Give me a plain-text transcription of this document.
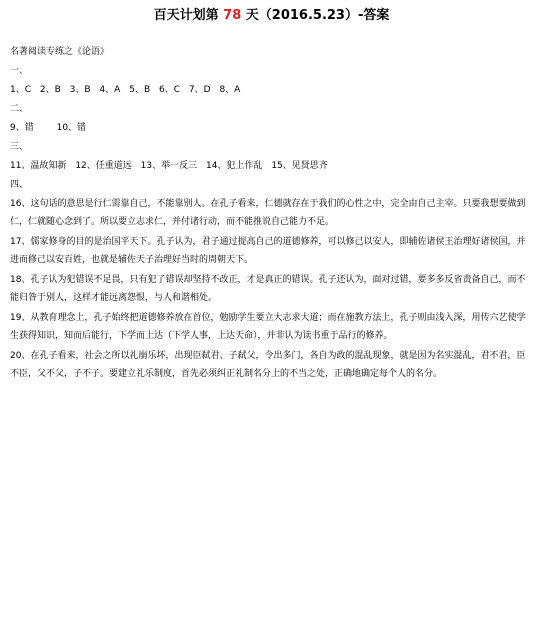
百天计划第 78 天（2016.5.23）-答案
名著阅读专练之《论语》
一、
1、C 2、B 3、B 4、A 5、B 6、C 7、D 8、A
二、
9、错	10、错
三、
11、温故知新 12、任重道远 13、举一反三 14、犯上作乱 15、见贤思齐
四、
16、这句话的意思是行仁需靠自己，不能靠别人。在孔子看来，仁德就存在于我们的心性之中，完全由自己主宰。只要我想要做到仁，仁就随心念到了。所以要立志求仁，并付诸行动，而不能推说自己能力不足。
17、儒家修身的目的是治国平天下。孔子认为，君子通过提高自己的道德修养，可以修己以安人，即辅佐诸侯王治理好诸侯国，并进而修己以安百姓，也就是辅佐天子治理好当时的周朝天下。
18、孔子认为犯错误不足畏，只有犯了错误却坚持不改正，才是真正的错误。孔子还认为，面对过错，要多多反省责备自己，而不能归咎于别人，这样才能远离怨恨，与人和谐相处。
19、从教育理念上，孔子始终把道德修养放在首位，勉励学生要立大志求大道；而在施教方法上，孔子则由浅入深，用传六艺使学生获得知识，知而后能行，下学而上达（下学人事，上达天命），并非认为读书重于品行的修养。
20、在孔子看来，社会之所以礼崩乐坏，出现臣弑君、子弑父，令出多门，各自为政的混乱现象，就是因为名实混乱，君不君，臣不臣，父不父，子不子。要建立礼乐制度，首先必须纠正礼制名分上的不当之处，正确地确定每个人的名分。
